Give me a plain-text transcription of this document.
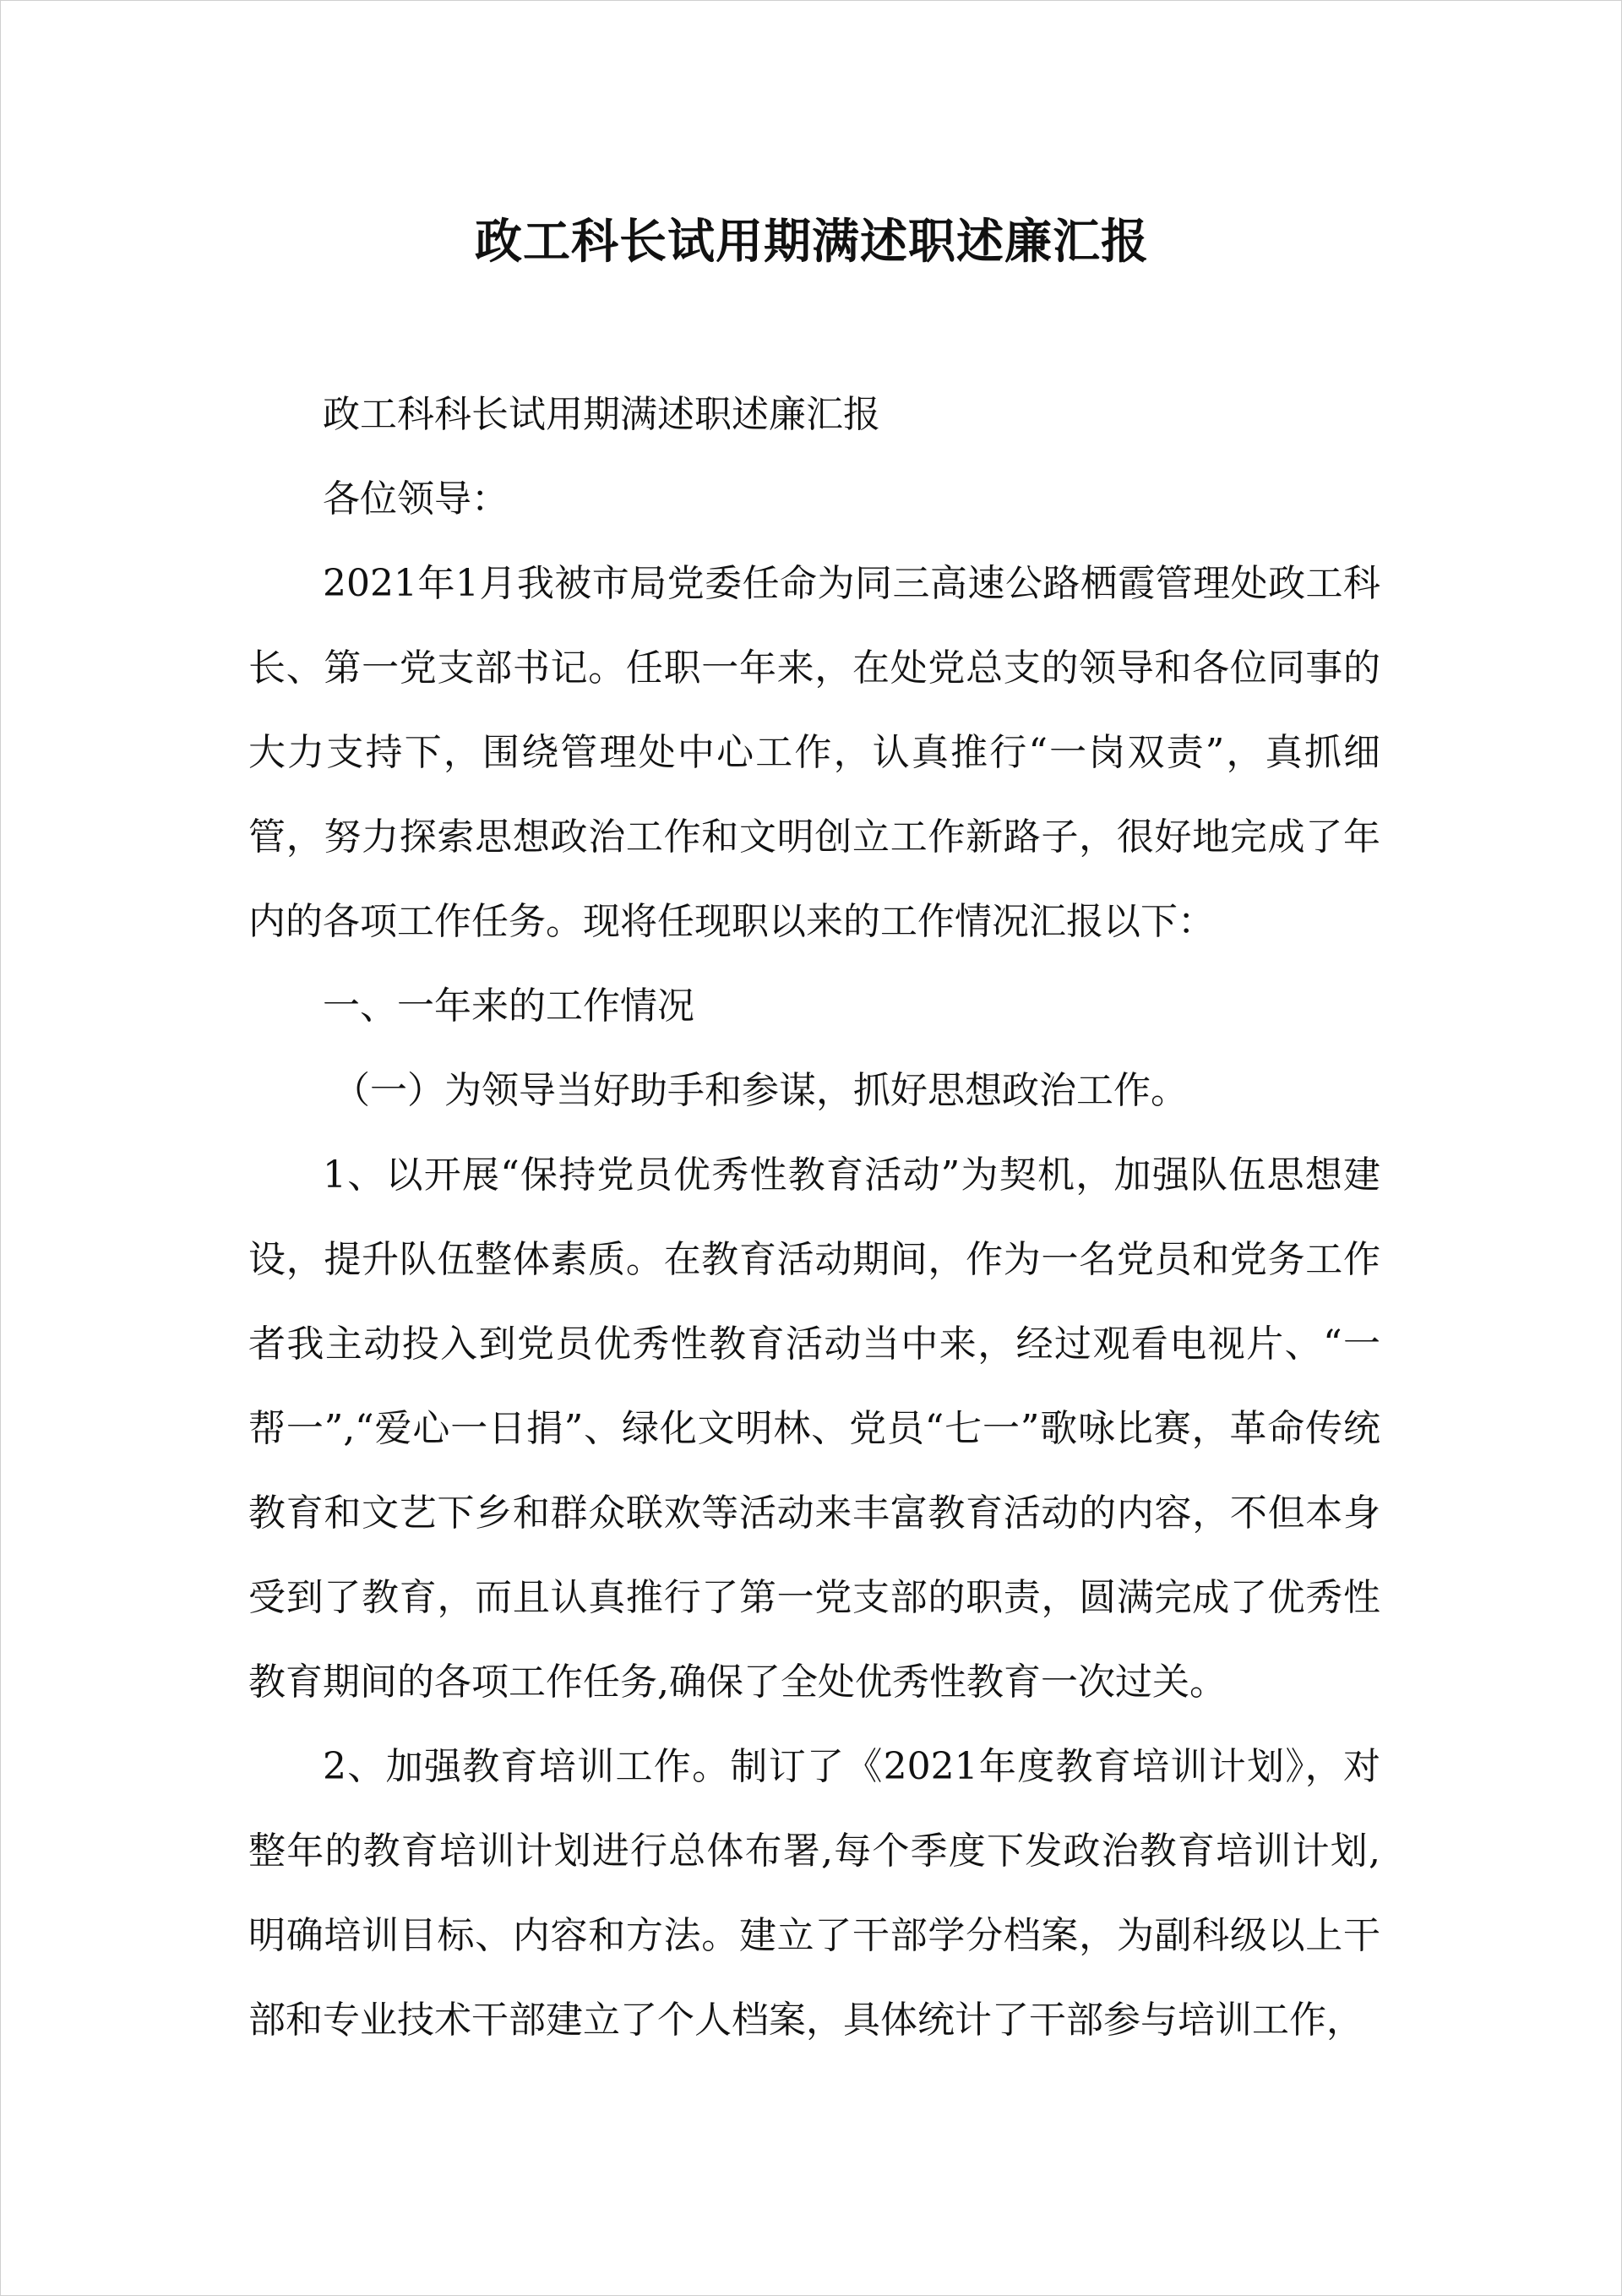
政工科长试用期满述职述廉汇报

政工科科长试用期满述职述廉汇报

各位领导：

2021年1月我被市局党委任命为同三高速公路栖霞管理处政工科长、第一党支部书记。任职一年来，在处党总支的领导和各位同事的大力支持下，围绕管理处中心工作，认真推行“一岗双责”，真抓细管，努力探索思想政治工作和文明创立工作新路子，很好地完成了年内的各项工作任务。现将任现职以来的工作情况汇报以下：

一、一年来的工作情况

（一）为领导当好助手和参谋，抓好思想政治工作。

1、以开展“保持党员优秀性教育活动”为契机，加强队伍思想建设，提升队伍整体素质。在教育活动期间，作为一名党员和党务工作者我主动投入到党员优秀性教育活动当中来，经过观看电视片、“一帮一”,“爱心一日捐”、绿化文明林、党员“七一”歌咏比赛，革命传统教育和文艺下乡和群众联欢等活动来丰富教育活动的内容，不但本身受到了教育，而且认真推行了第一党支部的职责，圆满完成了优秀性教育期间的各项工作任务,确保了全处优秀性教育一次过关。

2、加强教育培训工作。制订了《2021年度教育培训计划》，对整年的教育培训计划进行总体布署,每个季度下发政治教育培训计划,明确培训目标、内容和方法。建立了干部学分档案，为副科级以上干部和专业技术干部建立了个人档案，具体统计了干部参与培训工作，
